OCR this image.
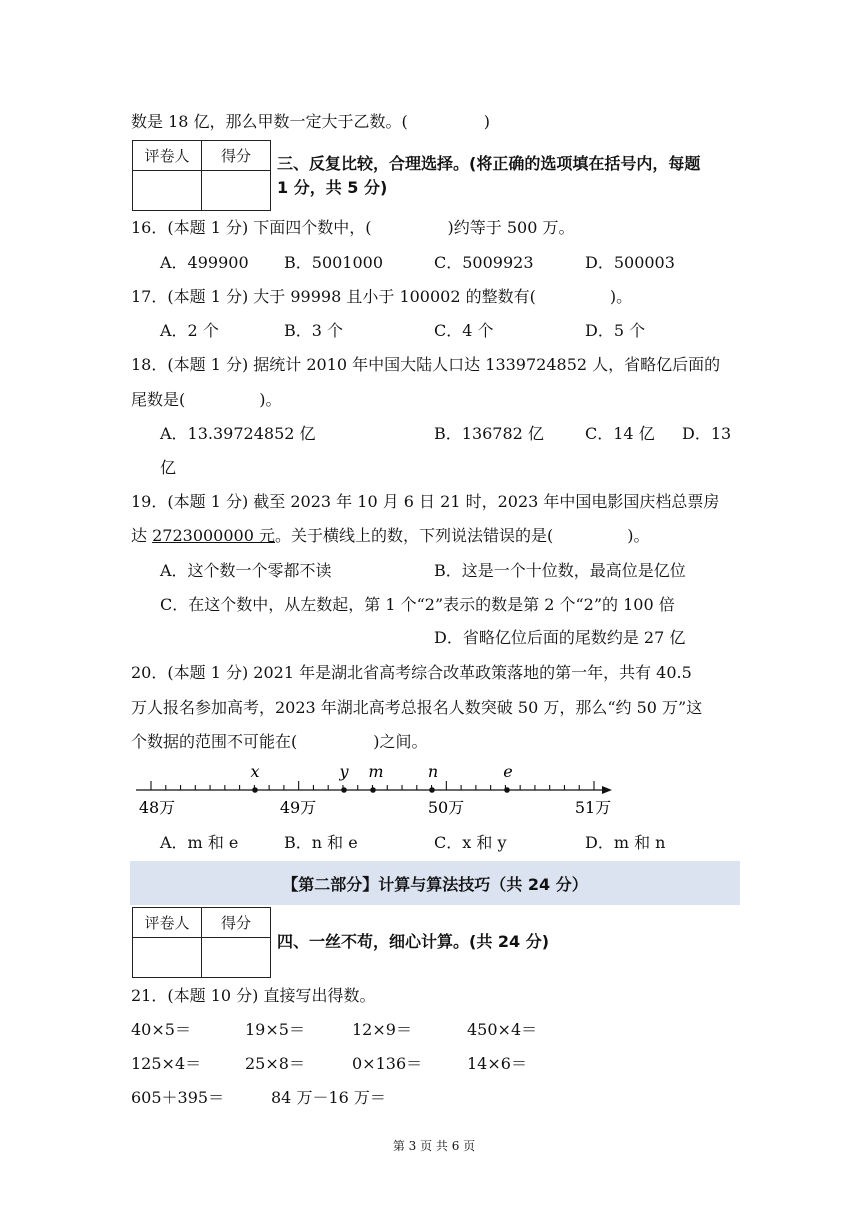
数是 18 亿，那么甲数一定大于乙数。(	)
评卷人	得分
	三、反复比较，合理选择。(将正确的选项填在括号内，每题
1 分，共 5 分)
16．(本题 1 分) 下面四个数中，(	)约等于 500 万。
A．499900 B．5001000	C．5009923	D．500003
17．(本题 1 分) 大于 99998 且小于 100002 的整数有(	)。
A．2 个	B．3 个	C．4 个	D．5 个
18．(本题 1 分) 据统计 2010 年中国大陆人口达 1339724852 人，省略亿后面的
尾数是(	)。
A．13.39724852 亿	B．136782 亿	C．14 亿 D．13
亿
19．(本题 1 分) 截至 2023 年 10 月 6 日 21 时，2023 年中国电影国庆档总票房
达 2723000000 元。关于横线上的数，下列说法错误的是(	)。
A．这个数一个零都不读	B．这是一个十位数，最高位是亿位
C．在这个数中，从左数起，第 1 个“2”表示的数是第 2 个“2”的 100 倍
D．省略亿位后面的尾数约是 27 亿
20．(本题 1 分) 2021 年是湖北省高考综合改革政策落地的第一年，共有 40.5
万人报名参加高考，2023 年湖北高考总报名人数突破 50 万，那么“约 50 万”这
个数据的范围不可能在(	)之间。
x	y m	n	e
48万	49万	50万	51万
A．m 和 e	B．n 和 e	C．x 和 y	D．m 和 n
【第二部分】计算与算法技巧（共 24 分）
评卷人	得分

四、一丝不苟，细心计算。(共 24 分)
21．(本题 10 分) 直接写出得数。
40×5＝	19×5＝	12×9＝	450×4＝
125×4＝	25×8＝	0×136＝	14×6＝
605＋395＝	84 万－16 万＝
第 3 页 共 6 页
